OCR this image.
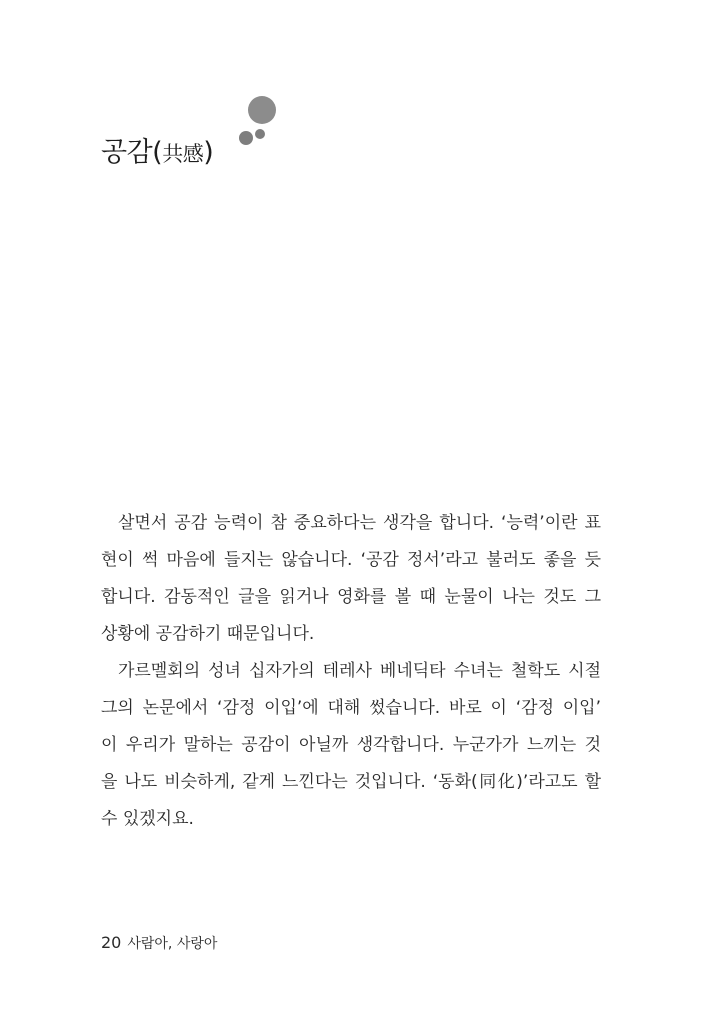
공감(共感)
살면서 공감 능력이 참 중요하다는 생각을 합니다. ‘능력’이란 표
현이 썩 마음에 들지는 않습니다. ‘공감 정서’라고 불러도 좋을 듯
합니다. 감동적인 글을 읽거나 영화를 볼 때 눈물이 나는 것도 그
상황에 공감하기 때문입니다.
가르멜회의 성녀 십자가의 테레사 베네딕타 수녀는 철학도 시절
그의 논문에서 ‘감정 이입’에 대해 썼습니다. 바로 이 ‘감정 이입’
이 우리가 말하는 공감이 아닐까 생각합니다. 누군가가 느끼는 것
을 나도 비슷하게, 같게 느낀다는 것입니다. ‘동화(同化)’라고도 할
수 있겠지요.
20 사람아, 사랑아
